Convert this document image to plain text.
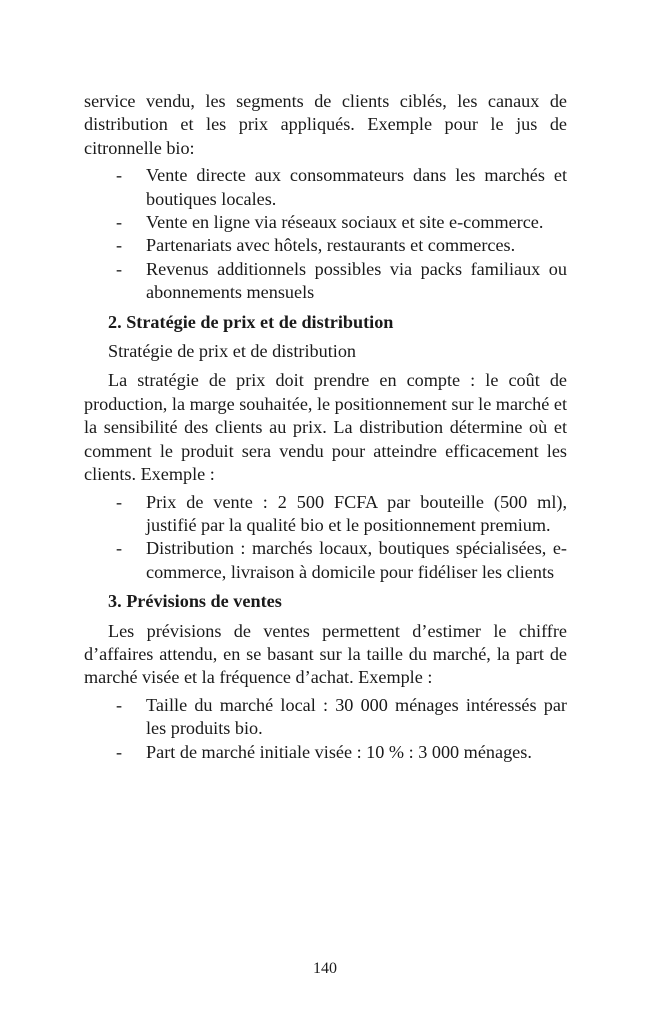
service vendu, les segments de clients ciblés, les canaux de distribution et les prix appliqués. Exemple pour le jus de citronnelle bio:

- Vente directe aux consommateurs dans les marchés et boutiques locales.
- Vente en ligne via réseaux sociaux et site e-commerce.
- Partenariats avec hôtels, restaurants et commerces.
- Revenus additionnels possibles via packs familiaux ou abonnements mensuels
2. Stratégie de prix et de distribution

Stratégie de prix et de distribution

La stratégie de prix doit prendre en compte : le coût de production, la marge souhaitée, le positionnement sur le marché et la sensibilité des clients au prix. La distribution détermine où et comment le produit sera vendu pour atteindre efficacement les clients. Exemple :

- Prix de vente : 2 500 FCFA par bouteille (500 ml), justifié par la qualité bio et le positionnement premium.
- Distribution : marchés locaux, boutiques spécialisées, e-commerce, livraison à domicile pour fidéliser les clients
3. Prévisions de ventes

Les prévisions de ventes permettent d’estimer le chiffre d’affaires attendu, en se basant sur la taille du marché, la part de marché visée et la fréquence d’achat. Exemple :

- Taille du marché local : 30 000 ménages intéressés par les produits bio.
- Part de marché initiale visée : 10 % : 3 000 ménages.
140
